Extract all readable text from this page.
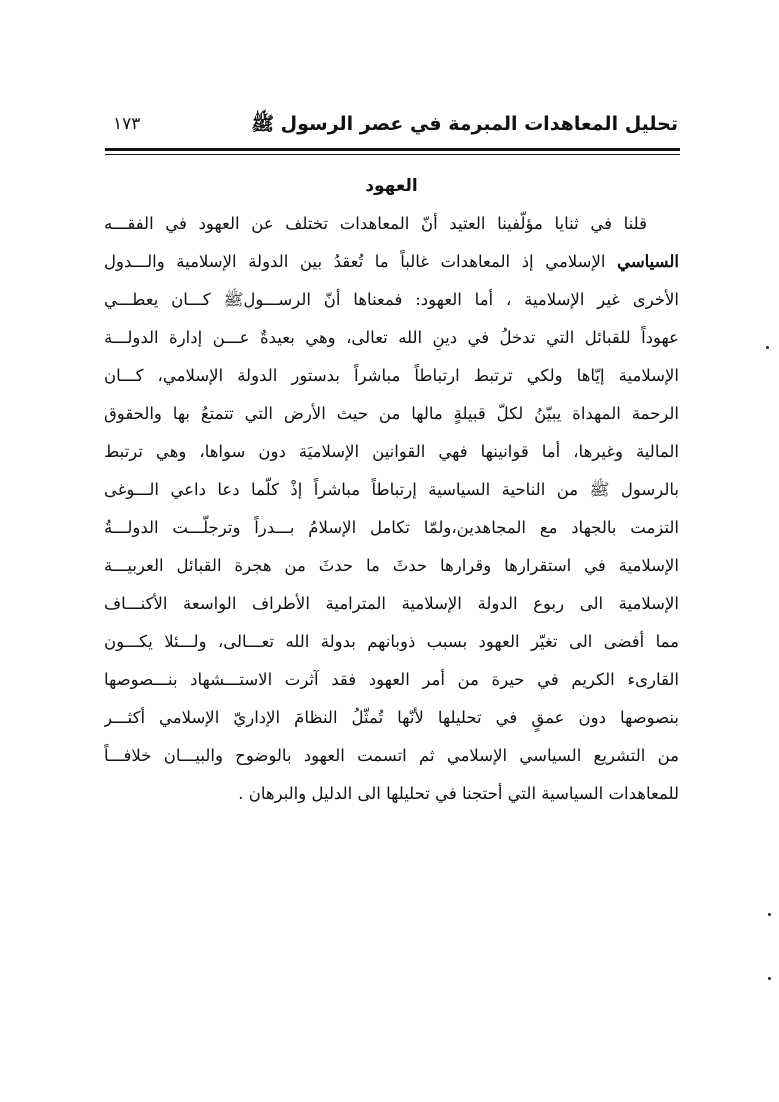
تحليل المعاهدات المبرمة في عصر الرسول ﷺ
١٧٣
العهود
قلنا في ثنايا مؤلّفينا العتيد أنّ المعاهدات تختلف عن العهود في الفقـــه
السياسي الإسلامي إذ المعاهدات غالباً ما تُعقدُ بين الدولة الإسلامية والـــدول
الأخرى غير الإسلامية ، أما العهود: فمعناها أنّ الرســـولﷺ كـــان يعطـــي
عهوداً للقبائل التي تدخلُ في دينِ الله تعالى، وهي بعيدةٌ عـــن إدارة الدولـــة
الإسلامية إيّاها ولكي ترتبط ارتباطاً مباشراً بدستور الدولة الإسلامي، كـــان
الرحمة المهداة يبيّنُ لكلّ قبيلةٍ مالها من حيث الأرض التي تتمتعُ بها والحقوق
المالية وغيرها، أما قوانينها فهي القوانين الإسلاميَة دون سواها، وهي ترتبط
بالرسول ﷺ من الناحية السياسية إرتباطاً مباشراً إذْ كلّما دعا داعي الـــوغى
التزمت بالجهاد مع المجاهدين،ولمّا تكامل الإسلامُ بـــدراً وترجلّـــت الدولـــةُ
الإسلامية في استقرارها وقرارها حدثَ ما حدثَ من هجرة القبائل العربيـــة
الإسلامية الى ربوع الدولة الإسلامية المترامية الأطراف الواسعة الأكنـــاف
مما أفضى الى تغيّر العهود بسبب ذوبانهم بدولة الله تعـــالى، ولـــئلا يكـــون
القارىء الكريم في حيرة من أمر العهود فقد آثرت الاستـــشهاد بنـــصوصها
بنصوصها دون عمقٍ في تحليلها لأنّها تُمثّلُ النظامَ الإداريّ الإسلامي أكثـــر
من التشريع السياسي الإسلامي ثم اتسمت العهود بالوضوح والبيـــان خلافـــاً
للمعاهدات السياسية التي أحتجنا في تحليلها الى الدليل والبرهان .
